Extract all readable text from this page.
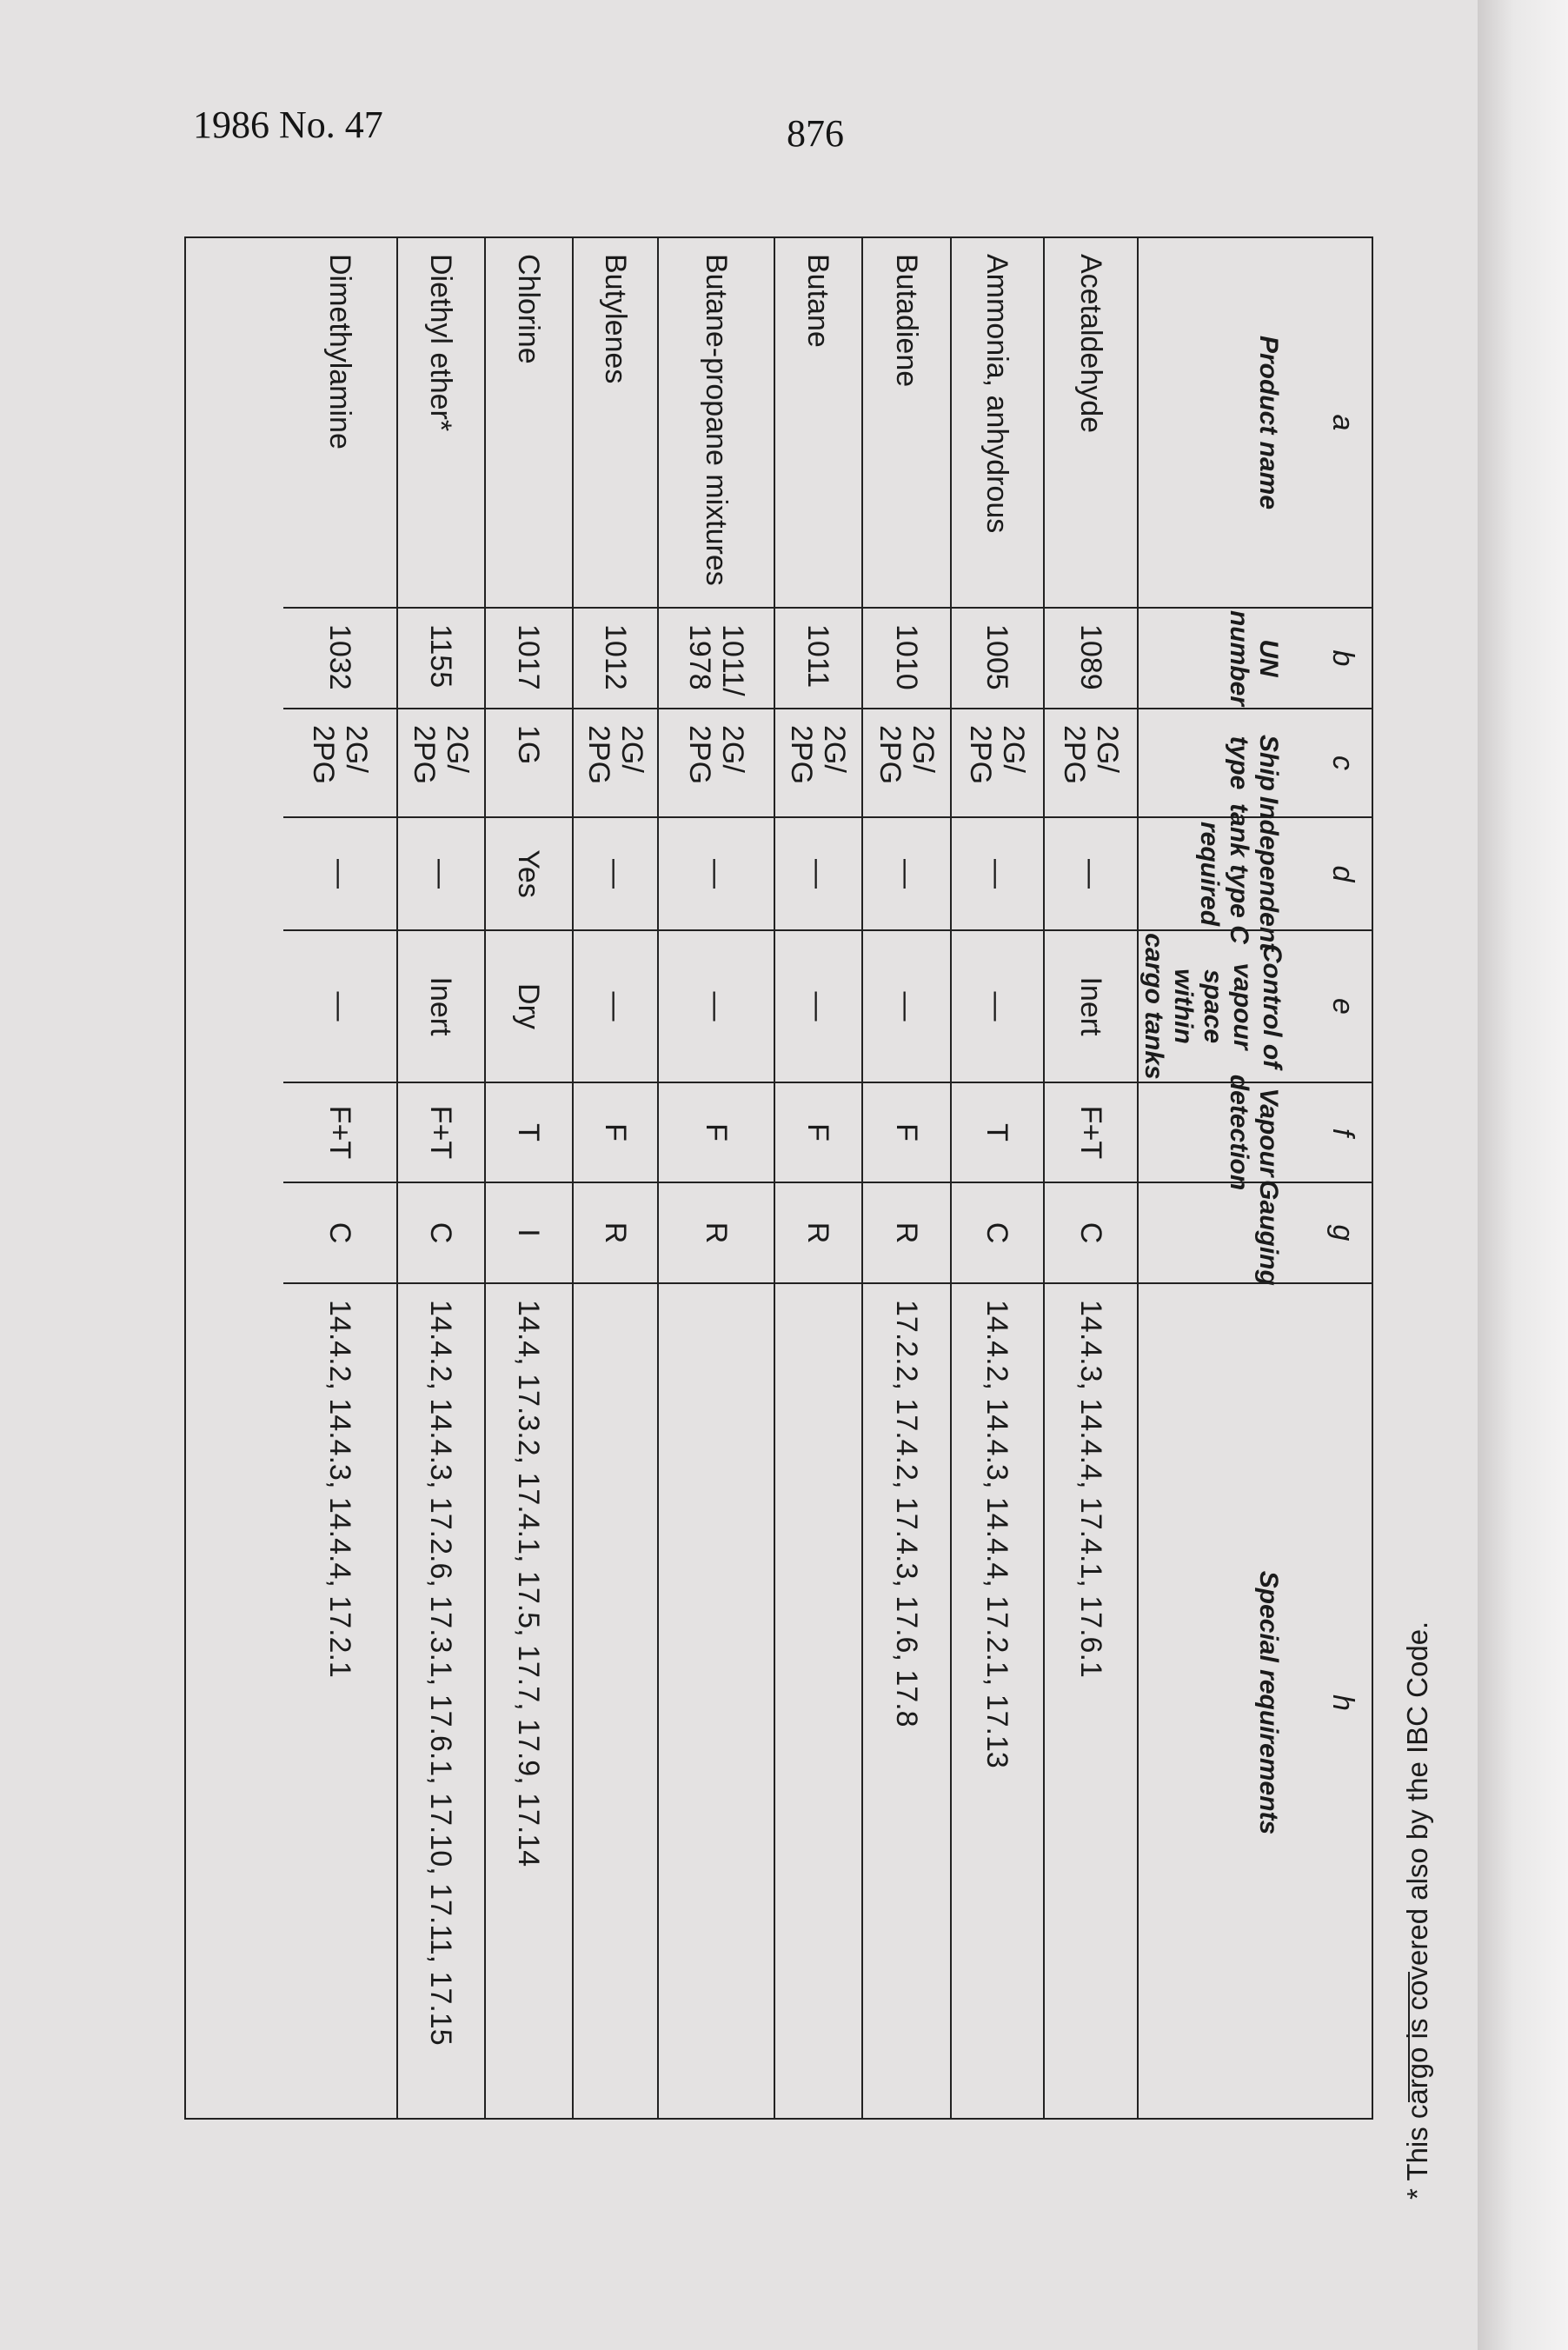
1986 No. 47	876
a
Product name
b
UN number
c
Ship type
d
Independent tank type C required
e
Control of vapour space within cargo tanks
f
Vapour detection
g
Gauging
h
Special requirements
Acetaldehyde
1089
2G/ 2PG
—
Inert
F+T
C
14.4.3, 14.4.4, 17.4.1, 17.6.1
Ammonia, anhydrous
1005
2G/ 2PG
—
—
T
C
14.4.2, 14.4.3, 14.4.4, 17.2.1, 17.13
Butadiene
1010
2G/ 2PG
—
—
F
R
17.2.2, 17.4.2, 17.4.3, 17.6, 17.8
Butane
1011
2G/ 2PG
—
—
F
R
Butane-propane mixtures
1011/ 1978
2G/ 2PG
—
—
F
R
Butylenes
1012
2G/ 2PG
—
—
F
R
Chlorine
1017
1G
Yes
Dry
T
I
14.4, 17.3.2, 17.4.1, 17.5, 17.7, 17.9, 17.14
Diethyl ether*
1155
2G/ 2PG
—
Inert
F+T
C
14.4.2, 14.4.3, 17.2.6, 17.3.1, 17.6.1, 17.10, 17.11, 17.15
Dimethylamine
1032
2G/ 2PG
—
—
F+T
C
14.4.2, 14.4.3, 14.4.4, 17.2.1
* This cargo is covered also by the IBC Code.
